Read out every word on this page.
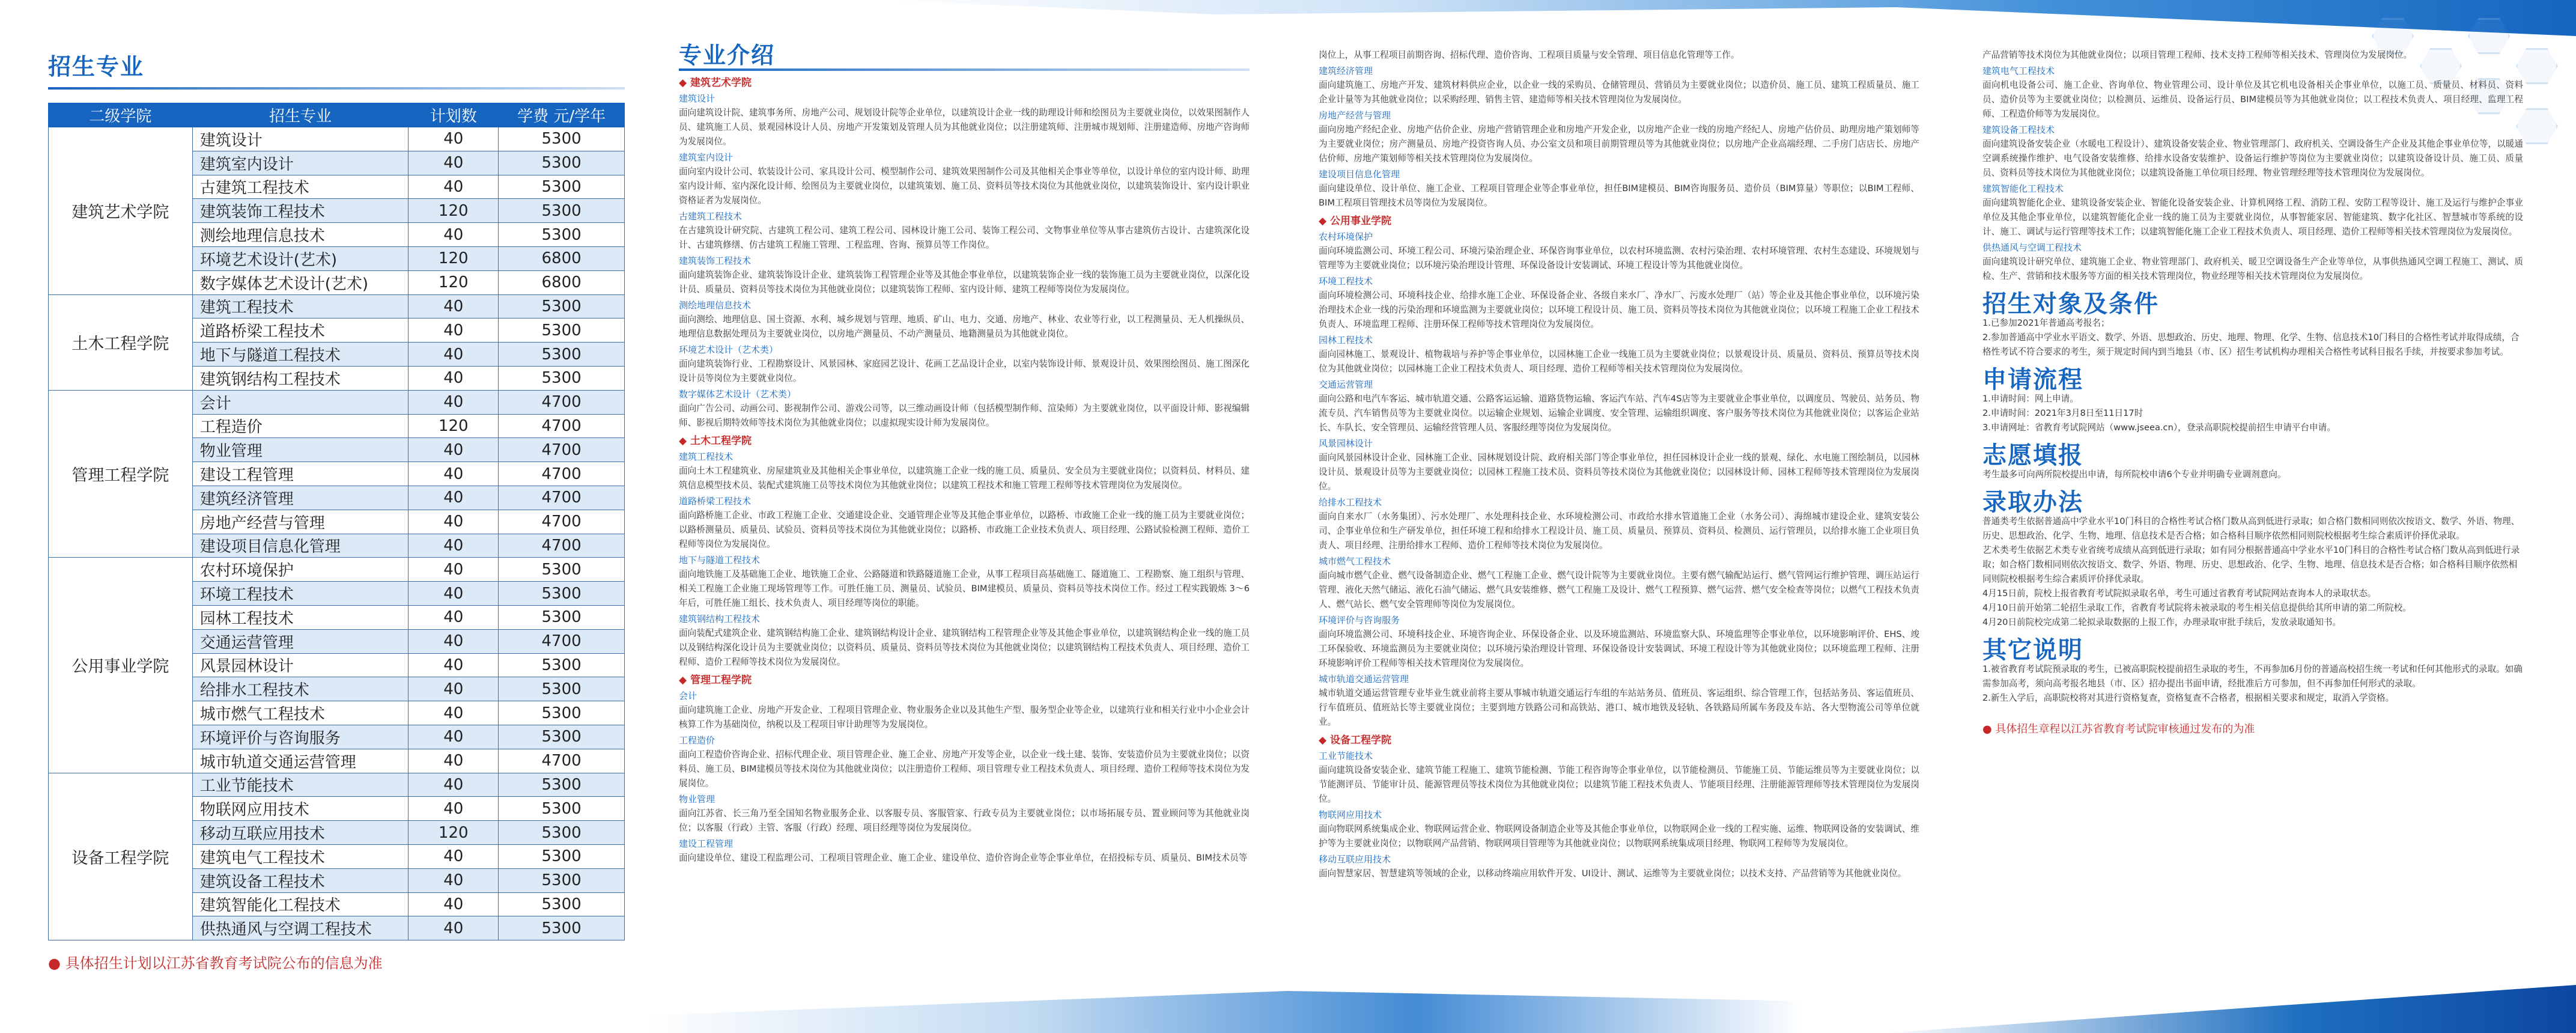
招生专业
二级学院	招生专业	计划数	学费 元/学年
建筑艺术学院	建筑设计	40	5300
	建筑室内设计	40	5300
	古建筑工程技术	40	5300
	建筑装饰工程技术	120	5300
	测绘地理信息技术	40	5300
	环境艺术设计(艺术)	120	6800
	数字媒体艺术设计(艺术)	120	6800
土木工程学院	建筑工程技术	40	5300
	道路桥梁工程技术	40	5300
	地下与隧道工程技术	40	5300
	建筑钢结构工程技术	40	5300
管理工程学院	会计	40	4700
	工程造价	120	4700
	物业管理	40	4700
	建设工程管理	40	4700
	建筑经济管理	40	4700
	房地产经营与管理	40	4700
	建设项目信息化管理	40	4700
公用事业学院	农村环境保护	40	5300
	环境工程技术	40	5300
	园林工程技术	40	5300
	交通运营管理	40	4700
	风景园林设计	40	5300
	给排水工程技术	40	5300
	城市燃气工程技术	40	5300
	环境评价与咨询服务	40	5300
	城市轨道交通运营管理	40	4700
设备工程学院	工业节能技术	40	5300
	物联网应用技术	40	5300
	移动互联应用技术	120	5300
	建筑电气工程技术	40	5300
	建筑设备工程技术	40	5300
	建筑智能化工程技术	40	5300
	供热通风与空调工程技术	40	5300
● 具体招生计划以江苏省教育考试院公布的信息为准
专业介绍
◆ 建筑艺术学院
建筑设计
面向建筑设计院、建筑事务所、房地产公司、规划设计院等企业单位，以建筑设计企业一线的助理设计师和绘图员为主要就业岗位，以效果图制作人员、建筑施工人员、景观园林设计人员、房地产开发策划及管理人员为其他就业岗位；以注册建筑师、注册城市规划师、注册建造师、房地产咨询师为发展岗位。
建筑室内设计
面向室内设计公司、软装设计公司、家具设计公司、模型制作公司、建筑效果图制作公司及其他相关企事业等单位，以设计单位的室内设计师、助理室内设计师、室内深化设计师、绘图员为主要就业岗位，以建筑策划、施工员、资料员等技术岗位为其他就业岗位，以建筑装饰设计、室内设计职业资格证者为发展岗位。
古建筑工程技术
在古建筑设计研究院、古建筑工程公司、建筑工程公司、园林设计施工公司、装饰工程公司、文物事业单位等从事古建筑仿古设计、古建筑深化设计、古建筑修缮、仿古建筑工程施工管理、工程监理、咨询、预算员等工作岗位。
建筑装饰工程技术
面向建筑装饰企业、建筑装饰设计企业、建筑装饰工程管理企业等及其他企事业单位，以建筑装饰企业一线的装饰施工员为主要就业岗位，以深化设计员、质量员、资料员等技术岗位为其他就业岗位；以建筑装饰工程师、室内设计师、建筑工程师等岗位为发展岗位。
测绘地理信息技术
面向测绘、地理信息、国土资源、水利、城乡规划与管理、地质、矿山、电力、交通、房地产、林业、农业等行业，以工程测量员、无人机操纵员、地理信息数据处理员为主要就业岗位，以房地产测量员、不动产测量员、地籍测量员为其他就业岗位。
环境艺术设计（艺术类）
面向建筑装饰行业、工程勘察设计、风景园林、家庭园艺设计、花画工艺品设计企业，以室内装饰设计师、景观设计员、效果图绘图员、施工图深化设计员等岗位为主要就业岗位。
数字媒体艺术设计（艺术类）
面向广告公司、动画公司、影视制作公司、游戏公司等，以三维动画设计师（包括模型制作师、渲染师）为主要就业岗位，以平面设计师、影视编辑师、影视后期特效师等技术岗位为其他就业岗位；以虚拟现实设计师为发展岗位。
◆ 土木工程学院
建筑工程技术
面向土木工程建筑业、房屋建筑业及其他相关企事业单位，以建筑施工企业一线的施工员、质量员、安全员为主要就业岗位；以资料员、材料员、建筑信息模型技术员、装配式建筑施工员等技术岗位为其他就业岗位；以建筑工程技术和施工管理工程师等技术管理岗位为发展岗位。
道路桥梁工程技术
面向路桥施工企业、市政工程施工企业、交通建设企业、交通管理企业等及其他企事业单位，以路桥、市政施工企业一线的施工员为主要就业岗位；以路桥测量员、质量员、试验员、资料员等技术岗位为其他就业岗位；以路桥、市政施工企业技术负责人、项目经理、公路试验检测工程师、造价工程师等岗位为发展岗位。
地下与隧道工程技术
面向地铁施工及基础施工企业、地铁施工企业、公路隧道和铁路隧道施工企业，从事工程项目高基础施工、隧道施工、工程勘察、施工组织与管理、相关工程施工企业施工现场管理等工作。可胜任施工员、测量员、试验员、BIM建模员、质量员、资料员等技术岗位工作。经过工程实践锻炼 3～6 年后，可胜任施工组长、技术负责人、项目经理等岗位的职能。
建筑钢结构工程技术
面向装配式建筑企业、建筑钢结构施工企业、建筑钢结构设计企业、建筑钢结构工程管理企业等及其他企事业单位，以建筑钢结构企业一线的施工员以及钢结构深化设计员为主要就业岗位；以资料员、质量员、资料员等技术岗位为其他就业岗位；以建筑钢结构工程技术负责人、项目经理、造价工程师、造价工程师等技术岗位为发展岗位。
◆ 管理工程学院
会计
面向建筑施工企业、房地产开发企业、工程项目管理企业、物业服务企业以及其他生产型、服务型企业等企业，以建筑行业和相关行业中小企业会计核算工作为基础岗位，纳税以及工程项目审计助理等为发展岗位。
工程造价
面向工程造价咨询企业、招标代理企业、项目管理企业、施工企业、房地产开发等企业，以企业一线土建、装饰、安装造价员为主要就业岗位；以资料员、施工员、BIM建模员等技术岗位为其他就业岗位；以注册造价工程师、项目管理专业工程技术负责人、项目经理、造价工程师等技术岗位为发展岗位。
物业管理
面向江苏省、长三角乃至全国知名物业服务企业、以客服专员、客服管家、行政专员为主要就业岗位；以市场拓展专员、置业顾问等为其他就业岗位；以客服（行政）主管、客服（行政）经理、项目经理等岗位为发展岗位。
建设工程管理
面向建设单位、建设工程监理公司、工程项目管理企业、施工企业、建设单位、造价咨询企业等企事业单位，在招投标专员、质量员、BIM技术员等
岗位上，从事工程项目前期咨询、招标代理、造价咨询、工程项目质量与安全管理、项目信息化管理等工作。
建筑经济管理
面向建筑施工、房地产开发、建筑材料供应企业，以企业一线的采购员、仓储管理员、营销员为主要就业岗位；以造价员、施工员、建筑工程质量员、施工企业计量等为其他就业岗位；以采购经理、销售主管、建造师等相关技术管理岗位为发展岗位。
房地产经营与管理
面向房地产经纪企业、房地产估价企业、房地产营销管理企业和房地产开发企业，以房地产企业一线的房地产经纪人、房地产估价员、助理房地产策划师等为主要就业岗位；房产测量员、房地产投资咨询人员、办公室文员和项目前期管理员等为其他就业岗位；以房地产企业高端经理、二手房门店店长、房地产估价师、房地产策划师等相关技术管理岗位为发展岗位。
建设项目信息化管理
面向建设单位、设计单位、施工企业、工程项目管理企业等企事业单位，担任BIM建模员、BIM咨询服务员、造价员（BIM算量）等职位；以BIM工程师、BIM工程项目管理技术员等岗位为发展岗位。
◆ 公用事业学院
农村环境保护
面向环境监测公司、环境工程公司、环境污染治理企业、环保咨询事业单位，以农村环境监测、农村污染治理、农村环境管理、农村生态建设、环境规划与管理等为主要就业岗位；以环境污染治理设计管理、环保设备设计安装调试、环境工程设计等为其他就业岗位。
环境工程技术
面向环境检测公司、环境科技企业、给排水施工企业、环保设备企业、各级自来水厂、净水厂、污废水处理厂（站）等企业及其他企事业单位，以环境污染治理技术企业一线的污染治理和环境监测为主要就业岗位；以环境工程设计员、施工员、资料员等技术岗位为其他就业岗位；以环境工程施工企业工程技术负责人、环境监理工程师、注册环保工程师等技术管理岗位为发展岗位。
园林工程技术
面向园林施工、景观设计、植物栽培与养护等企事业单位，以园林施工企业一线施工员为主要就业岗位；以景观设计员、质量员、资料员、预算员等技术岗位为其他就业岗位；以园林施工企业工程技术负责人、项目经理、造价工程师等相关技术管理岗位为发展岗位。
交通运营管理
面向公路和电汽车客运、城市轨道交通、公路客运运输、道路货物运输、客运汽车站、汽车4S店等为主要就业企事业单位，以调度员、驾驶员、站务员、物流专员、汽车销售员等为主要就业岗位。以运输企业规划、运输企业调度、安全管理、运输组织调度、客户服务等技术岗位为其他就业岗位；以客运企业站长、车队长、安全管理员、运输经营管理人员、客服经理等岗位为发展岗位。
风景园林设计
面向风景园林设计企业、园林施工企业、园林规划设计院、政府相关部门等企事业单位，担任园林设计企业一线的景观、绿化、水电施工图绘制员，以园林设计员、景观设计员等为主要就业岗位；以园林工程施工技术员、资料员等技术岗位为其他就业岗位；以园林设计师、园林工程师等技术管理岗位为发展岗位。
给排水工程技术
面向自来水厂（水务集团）、污水处理厂、水处理科技企业、水环境检测公司、市政给水排水管道施工企业（水务公司）、海绵城市建设企业、建筑安装公司、企事业单位和生产研发单位，担任环境工程和给排水工程设计员、施工员、质量员、预算员、资料员、检测员、运行管理员，以给排水施工企业项目负责人、项目经理、注册给排水工程师、造价工程师等技术岗位为发展岗位。
城市燃气工程技术
面向城市燃气企业、燃气设备制造企业、燃气工程施工企业、燃气设计院等为主要就业岗位。主要有燃气输配站运行、燃气管网运行维护管理、调压站运行管理、液化天然气储运、液化石油气储运、燃气具安装维修、燃气工程施工及设计、燃气工程预算、燃气运营、燃气安全检查等岗位；以燃气工程技术负责人、燃气站长、燃气安全管理师等岗位为发展岗位。
环境评价与咨询服务
面向环境监测公司、环境科技企业、环境咨询企业、环保设备企业、以及环境监测站、环境监察大队、环境监理等企事业单位，以环境影响评价、EHS、竣工环保验收、环境监测员为主要就业岗位；以环境污染治理设计管理、环保设备设计安装调试、环境工程设计等为其他就业岗位；以环境监理工程师、注册环境影响评价工程师等相关技术管理岗位为发展岗位。
城市轨道交通运营管理
城市轨道交通运营管理专业毕业生就业前将主要从事城市轨道交通运行车组的车站站务员、值班员、客运组织、综合管理工作，包括站务员、客运值班员、行车值班员、值班站长等主要就业岗位；主要到地方铁路公司和高铁站、港口、城市地铁及轻轨、各铁路局所属车务段及车站、各大型物流公司等单位就业。
◆ 设备工程学院
工业节能技术
面向建筑设备安装企业、建筑节能工程施工、建筑节能检测、节能工程咨询等企事业单位，以节能检测员、节能施工员、节能运维员等为主要就业岗位；以节能测评员、节能审计员、能源管理员等技术岗位为其他就业岗位；以建筑节能工程技术负责人、节能项目经理、注册能源管理师等技术管理岗位为发展岗位。
物联网应用技术
面向物联网系统集成企业、物联网运营企业、物联网设备制造企业等及其他企事业单位，以物联网企业一线的工程实施、运维、物联网设备的安装调试、维护等为主要就业岗位；以物联网产品营销、物联网项目管理等为其他就业岗位；以物联网系统集成项目经理、物联网工程师等为发展岗位。
移动互联应用技术
面向智慧家居、智慧建筑等领域的企业，以移动终端应用软件开发、UI设计、测试、运维等为主要就业岗位；以技术支持、产品营销等为其他就业岗位。
产品营销等技术岗位为其他就业岗位；以项目管理工程师、技术支持工程师等相关技术、管理岗位为发展岗位。
建筑电气工程技术
面向机电设备公司、施工企业、咨询单位、物业管理公司、设计单位及其它机电设备相关企事业单位，以施工员、质量员、材料员、资料员、造价员等为主要就业岗位；以检测员、运维员、设备运行员、BIM建模员等为其他就业岗位；以工程技术负责人、项目经理、监理工程师、工程造价师等为发展岗位。
建筑设备工程技术
面向建筑设备安装企业（水暖电工程设计）、建筑设备安装企业、物业管理部门、政府机关、空调设备生产企业及其他企事业单位等，以暖通空调系统操作维护、电气设备安装维修、给排水设备安装维护、设备运行维护等岗位为主要就业岗位；以建筑设备设计员、施工员、质量员、资料员等技术岗位为其他就业岗位；以建筑设备施工单位项目经理、物业管理经理等技术管理岗位为发展岗位。
建筑智能化工程技术
面向建筑智能化企业、建筑设备安装企业、智能化设备安装企业、计算机网络工程、消防工程、安防工程等设计、施工及运行与维护企事业单位及其他企事业单位，以建筑智能化企业一线的施工员为主要就业岗位，从事智能家居、智能建筑、数字化社区、智慧城市等系统的设计、施工、调试与运行管理等技术工作；以建筑智能化施工企业工程技术负责人、项目经理、造价工程师等相关技术管理岗位为发展岗位。
供热通风与空调工程技术
面向建筑设计研究单位、建筑施工企业、物业管理部门、政府机关、暖卫空调设备生产企业等单位，从事供热通风空调工程施工、测试、质检、生产、营销和技术服务等方面的相关技术管理岗位，物业经理等相关技术管理岗位为发展岗位。
招生对象及条件
1.已参加2021年普通高考报名；
2.参加普通高中学业水平语文、数学、外语、思想政治、历史、地理、物理、化学、生物、信息技术10门科目的合格性考试并取得成绩，合格性考试不符合要求的考生，须于规定时间内到当地县（市、区）招生考试机构办理相关合格性考试科目报名手续，并按要求参加考试。
申请流程
1.申请时间：网上申请。
2.申请时间：2021年3月8日至11日17时
3.申请网址：省教育考试院网站（www.jseea.cn），登录高职院校提前招生申请平台申请。
志愿填报
考生最多可向两所院校提出申请，每所院校申请6个专业并明确专业调剂意向。
录取办法
普通类考生依据普通高中学业水平10门科目的合格性考试合格门数从高到低进行录取；如合格门数相同则依次按语文、数学、外语、物理、历史、思想政治、化学、生物、地理、信息技术是否合格；如合格科目顺序依然相同则院校根据考生综合素质评价择优录取。
艺术类考生依据艺术类专业省统考成绩从高到低进行录取；如有同分根据普通高中学业水平10门科目的合格性考试合格门数从高到低进行录取；如合格门数相同则依次按语文、数学、外语、物理、历史、思想政治、化学、生物、地理、信息技术是否合格；如合格科目顺序依然相同则院校根据考生综合素质评价择优录取。
4月15日前，院校上报省教育考试院拟录取名单，考生可通过省教育考试院网站查询本人的录取状态。
4月10日前开始第二轮招生录取工作，省教育考试院将未被录取的考生相关信息提供给其所申请的第二所院校。
4月20日前院校完成第二轮拟录取数据的上报工作，办理录取审批手续后，发放录取通知书。
其它说明
1.被省教育考试院预录取的考生，已被高职院校提前招生录取的考生，不再参加6月份的普通高校招生统一考试和任何其他形式的录取。如确需参加高考，须向高考报名地县（市、区）招办提出书面申请，经批准后方可参加，但不再参加任何形式的录取。
2.新生入学后，高职院校将对其进行资格复查，资格复查不合格者，根据相关要求和规定，取消入学资格。
● 具体招生章程以江苏省教育考试院审核通过发布的为准
